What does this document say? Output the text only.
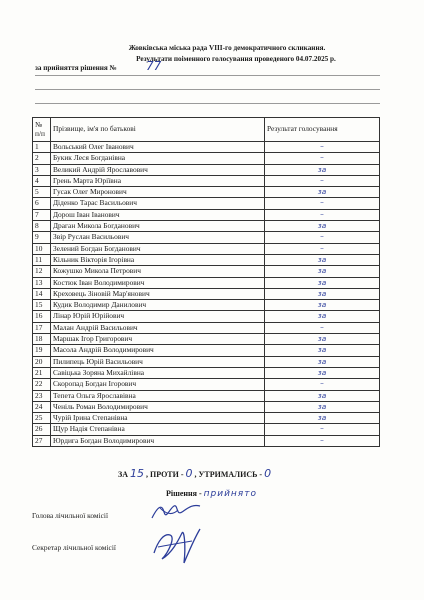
Жовківська міська рада VIII-го демократичного скликання.
Результати поіменного голосування проведеного 04.07.2025 р.
за прийняття рішення № 77
№ п/п	Прізвище, ім'я по батькові	Результат голосування
1	Вольський Олег Іванович	–
2	Букик Леся Богданівна	–
3	Великий Андрій Ярославович	за
4	Грень Марта Юріївна	–
5	Гусак Олег Миронович	за
6	Діденко Тарас Васильович	–
7	Дорош Іван Іванович	–
8	Драган Микола Богданович	за
9	Звір Руслан Васильович	–
10	Зелений Богдан Богданович	–
11	Кільник Вікторія Ігорівна	за
12	Кожушко Микола Петрович	за
13	Костюк Іван Володимирович	за
14	Креховець Зіновій Мар'янович	за
15	Кудик Володимир Данилович	за
16	Лінар Юрій Юрійович	за
17	Малан Андрій Васильович	–
18	Маршак Ігор Григорович	за
19	Масола Андрій Володимирович	за
20	Пилипець Юрій Васильович	за
21	Савіцька Зоряна Михайлівна	за
22	Скоропад Богдан Ігорович	–
23	Тепета Ольга Ярославівна	за
24	Ченіль Роман Володимирович	за
25	Чурій Ірина Степанівна	за
26	Щур Надія Степанівна	–
27	Юрдига Богдан Володимирович	–
ЗА 15 , ПРОТИ - 0 , УТРИМАЛИСЬ - 0
Рішення - прийнято
Голова лічильної комісії
Секретар лічильної комісії
